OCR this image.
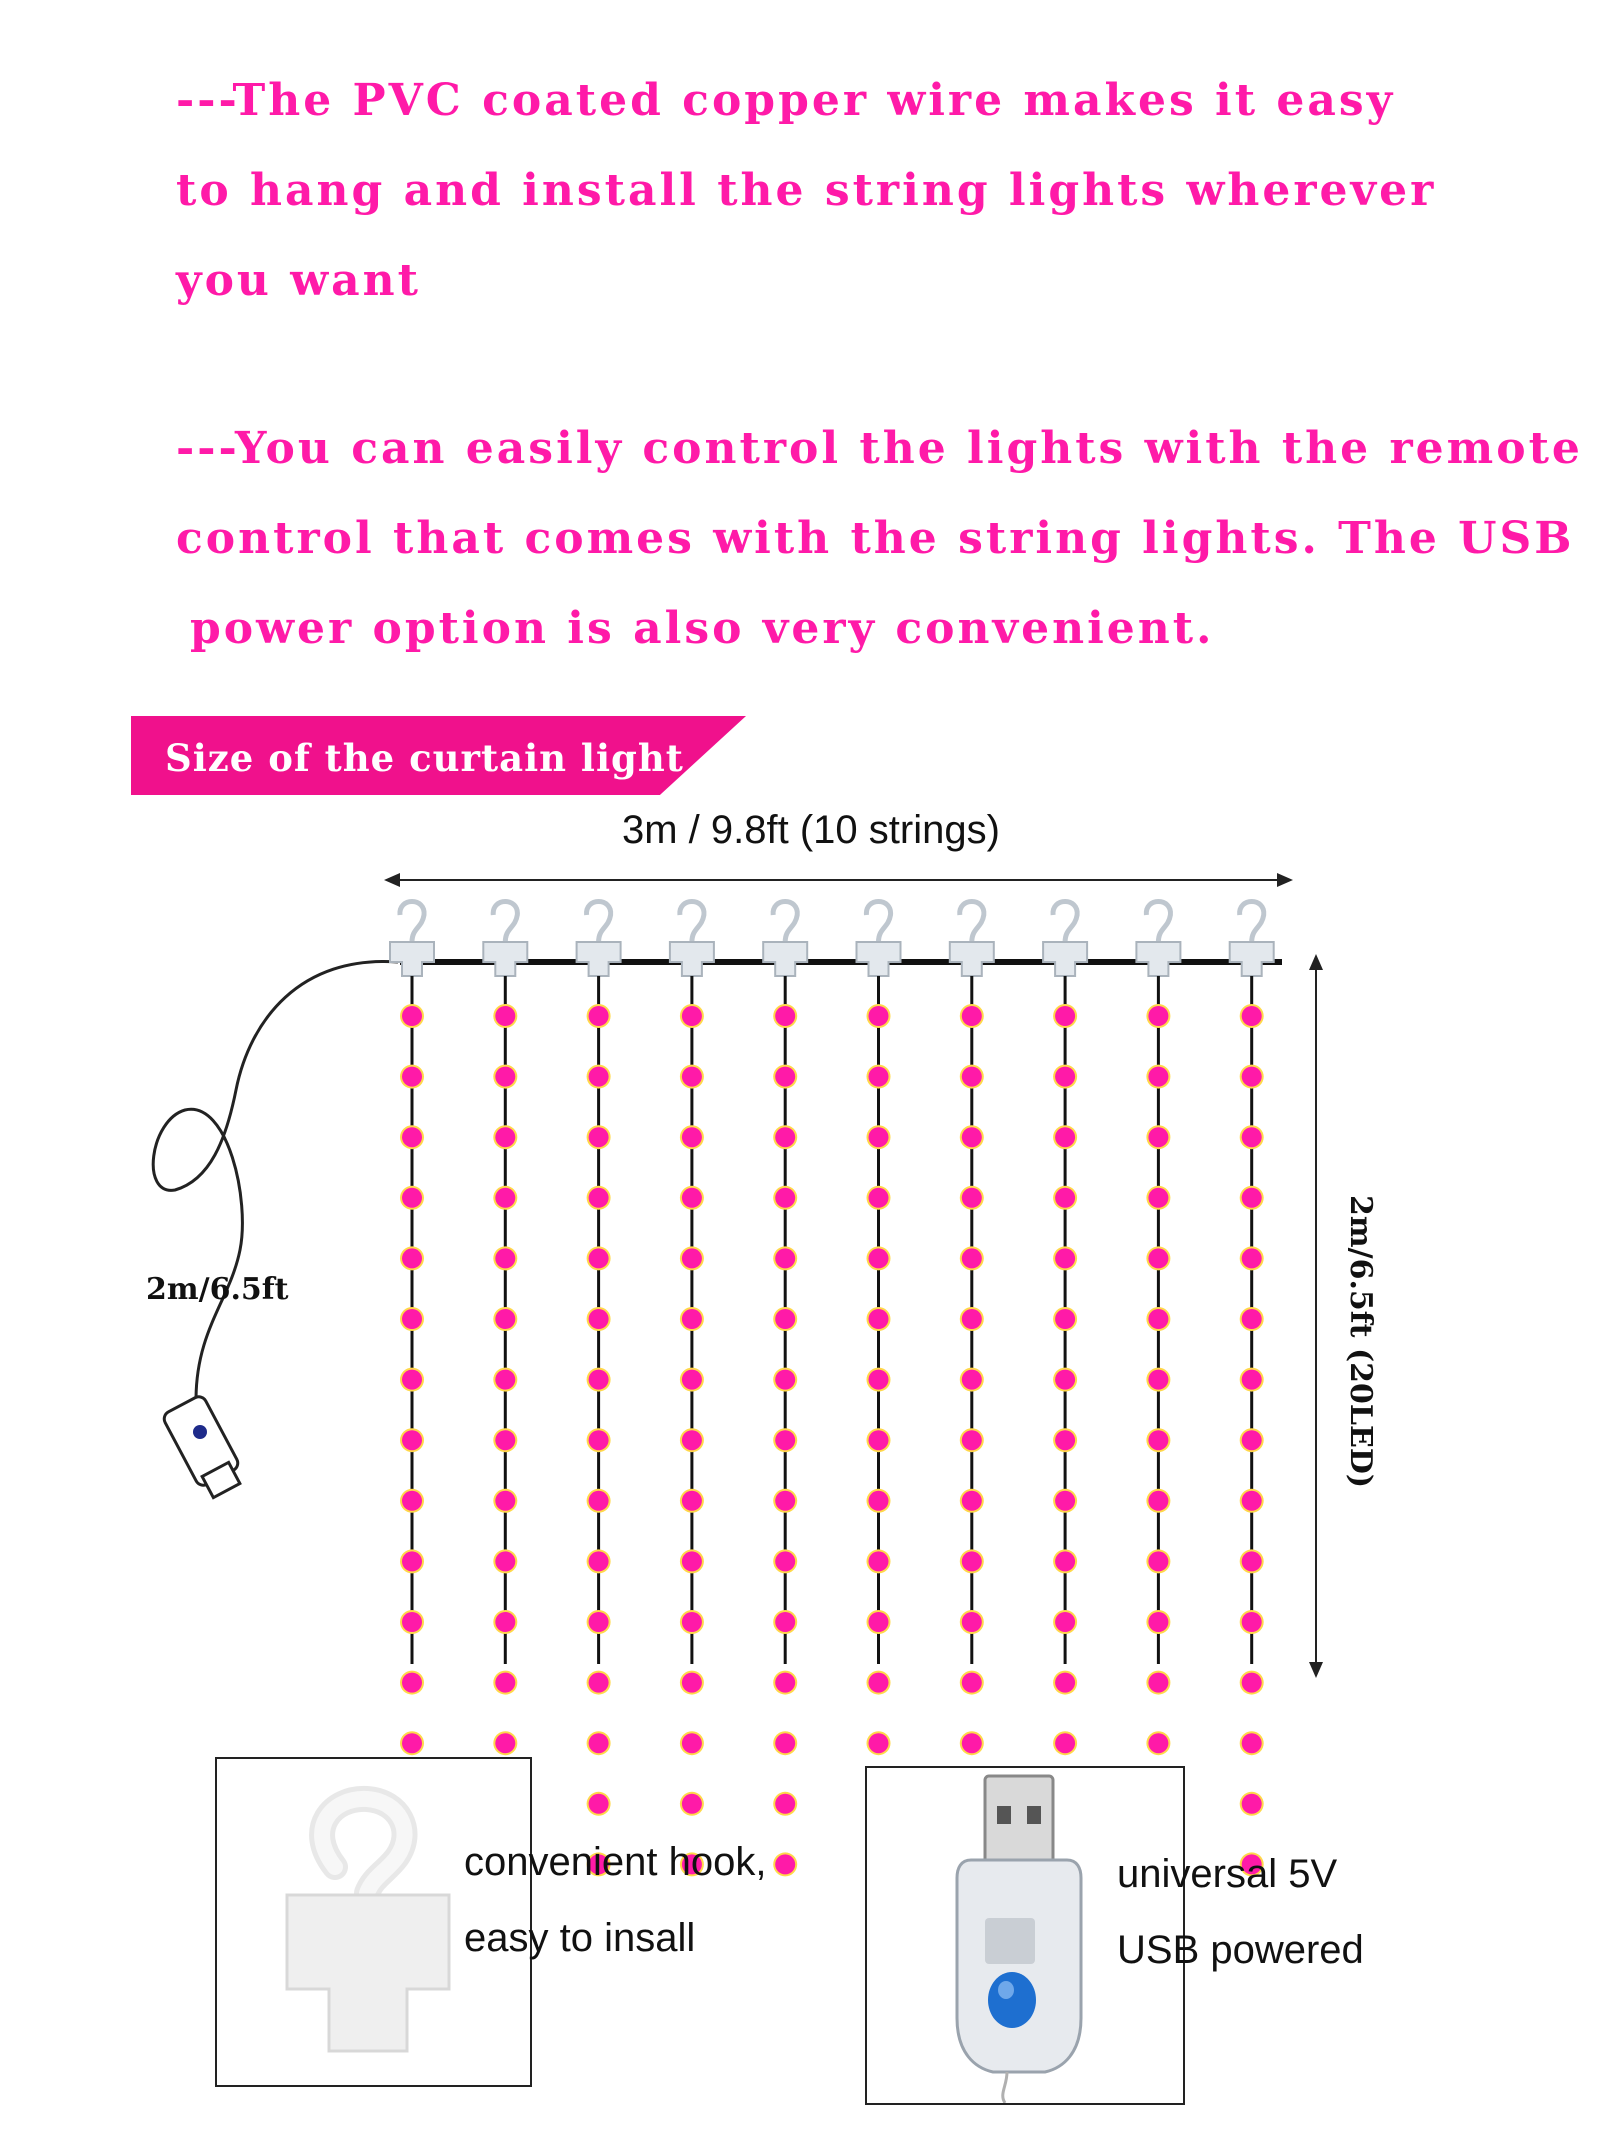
---The PVC coated copper wire makes it easy
to hang and install the string lights wherever
you want
---You can easily control the lights with the remote
control that comes with the string lights. The USB
power option is also very convenient.
Size of the curtain light
3m / 9.8ft (10 strings)
2m/6.5ft	2m/6.5ft (20LED)
convenient hook,
easy to insall
universal 5V
USB powered
